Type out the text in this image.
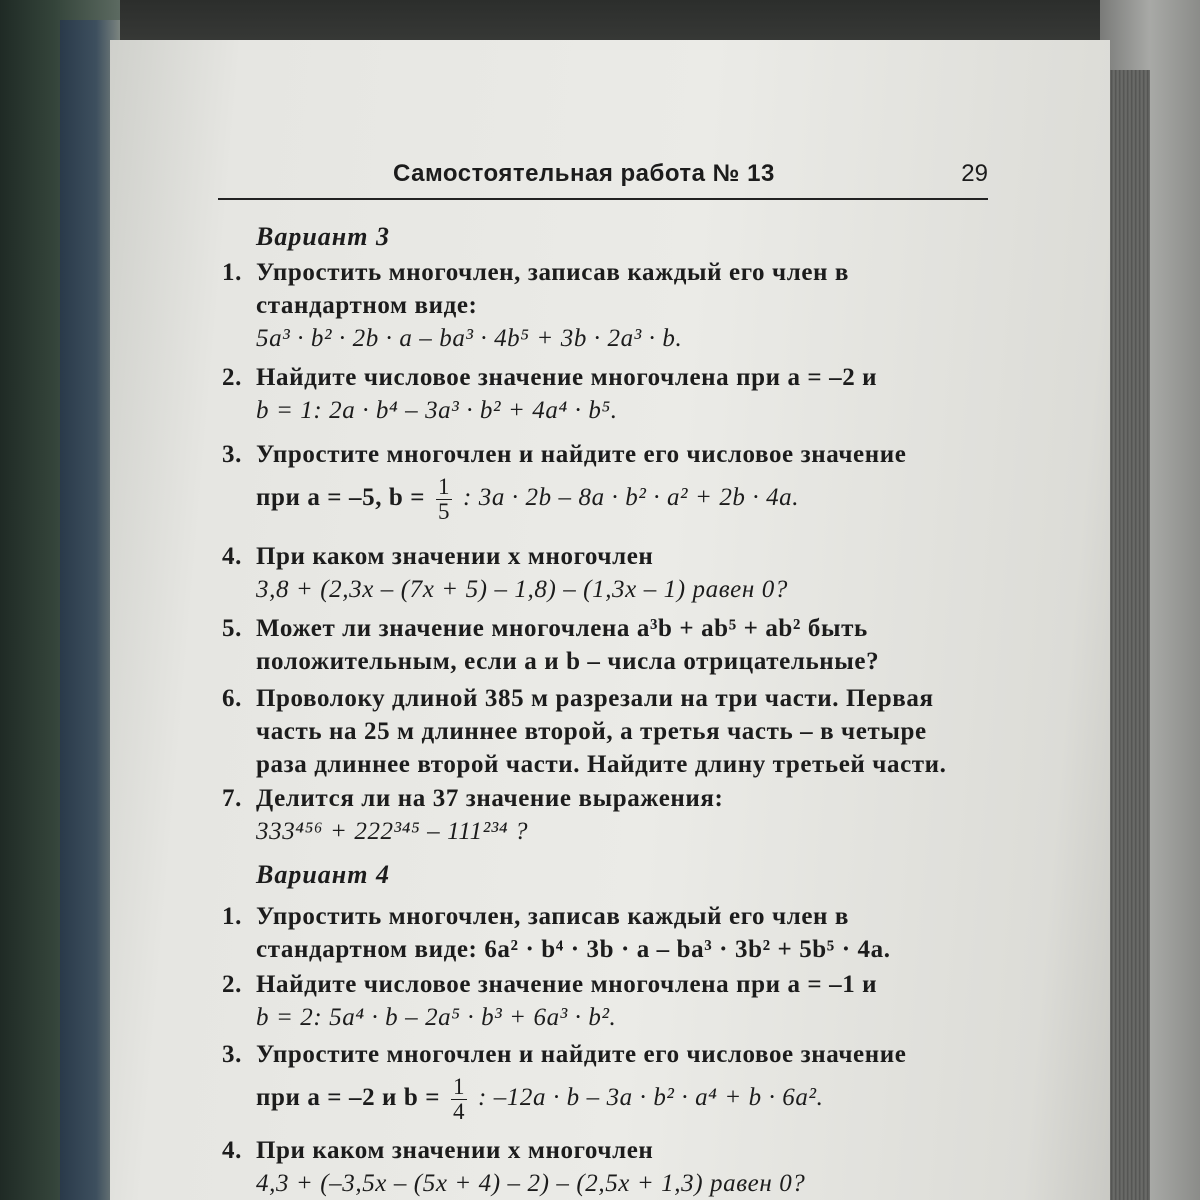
Самостоятельная работа № 13	29
Вариант 3
1. Упростить многочлен, записав каждый его член в
стандартном виде:
5a³ · b² · 2b · a – ba³ · 4b⁵ + 3b · 2a³ · b.
2. Найдите числовое значение многочлена при a = –2 и
b = 1: 2a · b⁴ – 3a³ · b² + 4a⁴ · b⁵.
3. Упростите многочлен и найдите его числовое значение
при a = –5, $b = \frac{1}{5}$ : 3a · 2b – 8a · b² · a² + 2b · 4a.
4. При каком значении x многочлен
3,8 + (2,3x – (7x + 5) – 1,8) – (1,3x – 1) равен 0?
5. Может ли значение многочлена a³b + ab⁵ + ab² быть
положительным, если a и b – числа отрицательные?
6. Проволоку длиной 385 м разрезали на три части. Первая
часть на 25 м длиннее второй, а третья часть – в четыре
раза длиннее второй части. Найдите длину третьей части.
7. Делится ли на 37 значение выражения:
333⁴⁵⁶ + 222³⁴⁵ – 111²³⁴ ?
Вариант 4
1. Упростить многочлен, записав каждый его член в
стандартном виде: 6a² · b⁴ · 3b · a – ba³ · 3b² + 5b⁵ · 4a.
2. Найдите числовое значение многочлена при a = –1 и
b = 2: 5a⁴ · b – 2a⁵ · b³ + 6a³ · b².
3. Упростите многочлен и найдите его числовое значение
при a = –2 и $b = \frac{1}{4}$ : –12a · b – 3a · b² · a⁴ + b · 6a².
4. При каком значении x многочлен
4,3 + (–3,5x – (5x + 4) – 2) – (2,5x + 1,3) равен 0?
